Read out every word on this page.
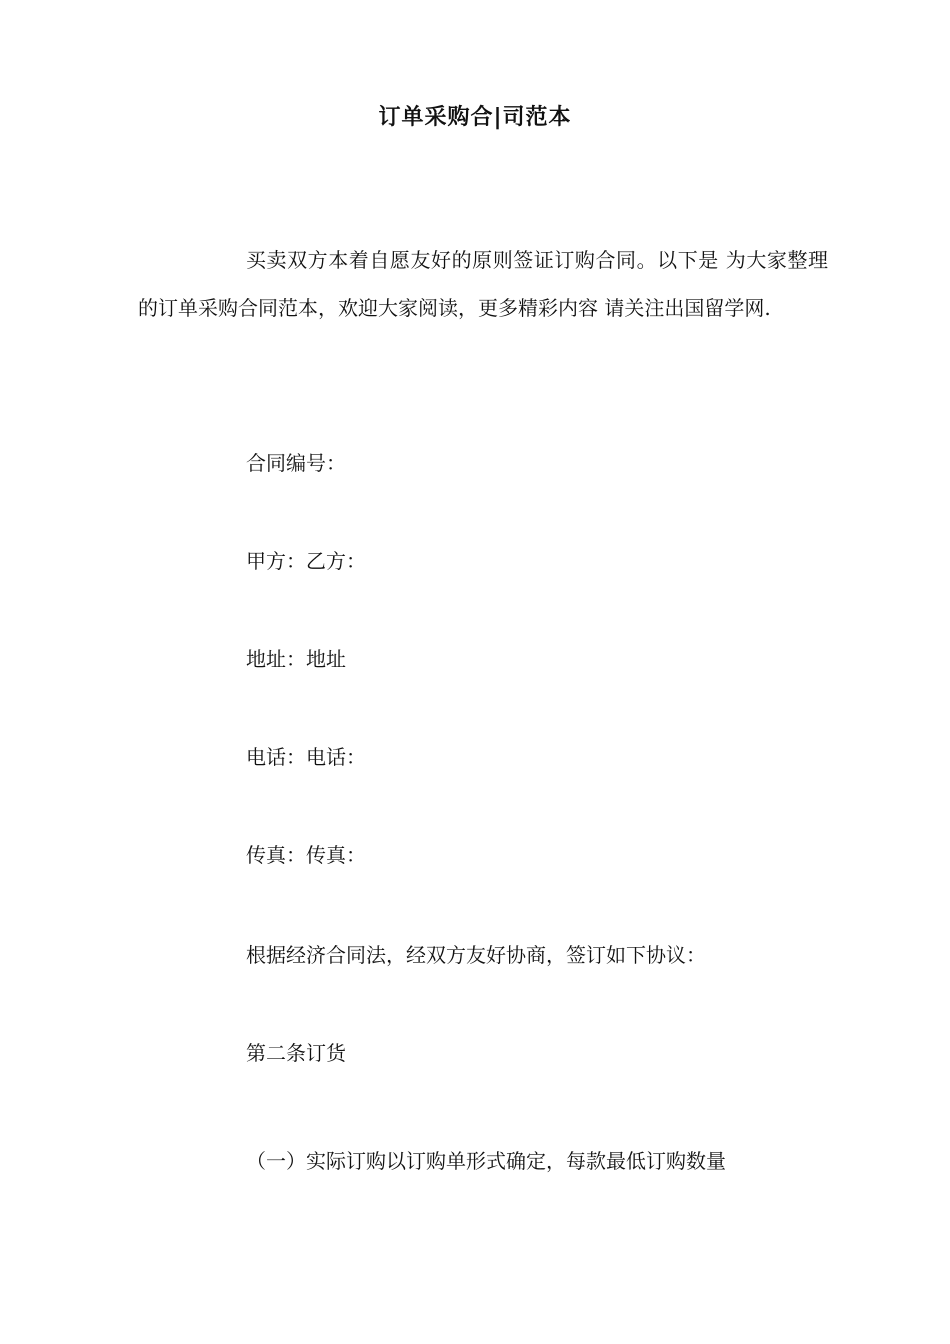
订单采购合|司范本

买卖双方本着自愿友好的原则签证订购合同。以下是 为大家整理的订单采购合同范本，欢迎大家阅读，更多精彩内容 请关注出国留学网.

合同编号：

甲方：乙方：

地址：地址

电话：电话：

传真：传真：

根据经济合同法，经双方友好协商，签订如下协议：

第二条订货

（一）实际订购以订购单形式确定，每款最低订购数量
